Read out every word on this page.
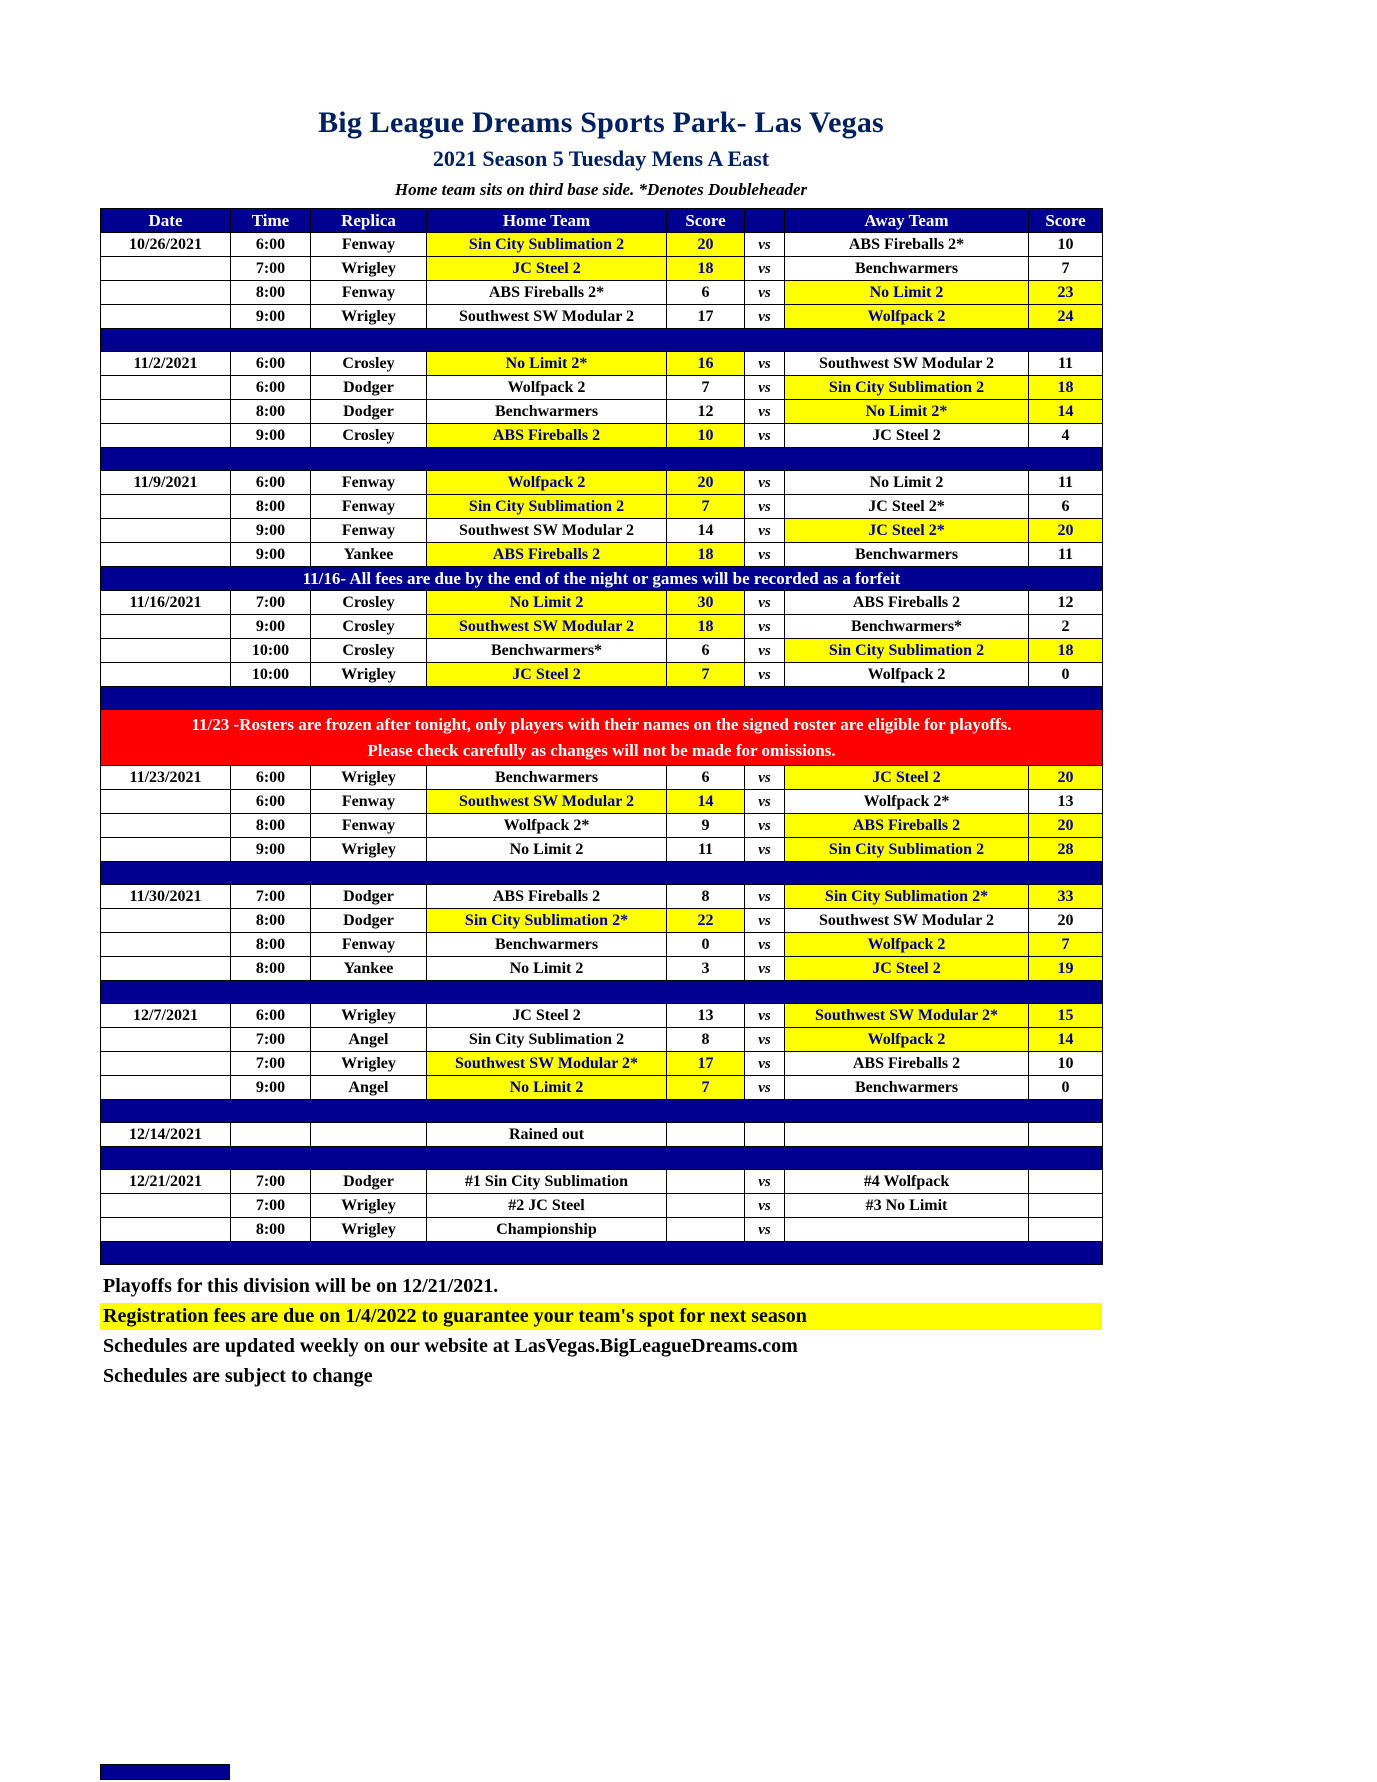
Big League Dreams Sports Park- Las Vegas
2021 Season 5 Tuesday Mens A East
Home team sits on third base side. *Denotes Doubleheader
Date	Time	Replica	Home Team	Score		Away Team	Score
10/26/2021	6:00	Fenway	Sin City Sublimation 2	20	vs	ABS Fireballs 2*	10
	7:00	Wrigley	JC Steel 2	18	vs	Benchwarmers	7
	8:00	Fenway	ABS Fireballs 2*	6	vs	No Limit 2	23
	9:00	Wrigley	Southwest SW Modular 2	17	vs	Wolfpack 2	24

11/2/2021	6:00	Crosley	No Limit 2*	16	vs	Southwest SW Modular 2	11
	6:00	Dodger	Wolfpack 2	7	vs	Sin City Sublimation 2	18
	8:00	Dodger	Benchwarmers	12	vs	No Limit 2*	14
	9:00	Crosley	ABS Fireballs 2	10	vs	JC Steel 2	4

11/9/2021	6:00	Fenway	Wolfpack 2	20	vs	No Limit 2	11
	8:00	Fenway	Sin City Sublimation 2	7	vs	JC Steel 2*	6
	9:00	Fenway	Southwest SW Modular 2	14	vs	JC Steel 2*	20
	9:00	Yankee	ABS Fireballs 2	18	vs	Benchwarmers	11

11/16- All fees are due by the end of the night or games will be recorded as a forfeit							

11/16/2021	7:00	Crosley	No Limit 2	30	vs	ABS Fireballs 2	12
	9:00	Crosley	Southwest SW Modular 2	18	vs	Benchwarmers*	2
	10:00	Crosley	Benchwarmers*	6	vs	Sin City Sublimation 2	18
	10:00	Wrigley	JC Steel 2	7	vs	Wolfpack 2	0

11/23 -Rosters are frozen after tonight, only players with their names on the signed roster are eligible for playoffs.
Please check carefully as changes will not be made for omissions.							

11/23/2021	6:00	Wrigley	Benchwarmers	6	vs	JC Steel 2	20
	6:00	Fenway	Southwest SW Modular 2	14	vs	Wolfpack 2*	13
	8:00	Fenway	Wolfpack 2*	9	vs	ABS Fireballs 2	20
	9:00	Wrigley	No Limit 2	11	vs	Sin City Sublimation 2	28

11/30/2021	7:00	Dodger	ABS Fireballs 2	8	vs	Sin City Sublimation 2*	33
	8:00	Dodger	Sin City Sublimation 2*	22	vs	Southwest SW Modular 2	20
	8:00	Fenway	Benchwarmers	0	vs	Wolfpack 2	7
	8:00	Yankee	No Limit 2	3	vs	JC Steel 2	19

12/7/2021	6:00	Wrigley	JC Steel 2	13	vs	Southwest SW Modular 2*	15
	7:00	Angel	Sin City Sublimation 2	8	vs	Wolfpack 2	14
	7:00	Wrigley	Southwest SW Modular 2*	17	vs	ABS Fireballs 2	10
	9:00	Angel	No Limit 2	7	vs	Benchwarmers	0

12/14/2021			Rained out				

12/21/2021	7:00	Dodger	#1 Sin City Sublimation		vs	#4 Wolfpack	
	7:00	Wrigley	#2 JC Steel		vs	#3 No Limit	
	8:00	Wrigley	Championship		vs		

Playoffs for this division will be on 12/21/2021.
Registration fees are due on 1/4/2022 to guarantee your team's spot for next season
Schedules are updated weekly on our website at LasVegas.BigLeagueDreams.com
Schedules are subject to change
